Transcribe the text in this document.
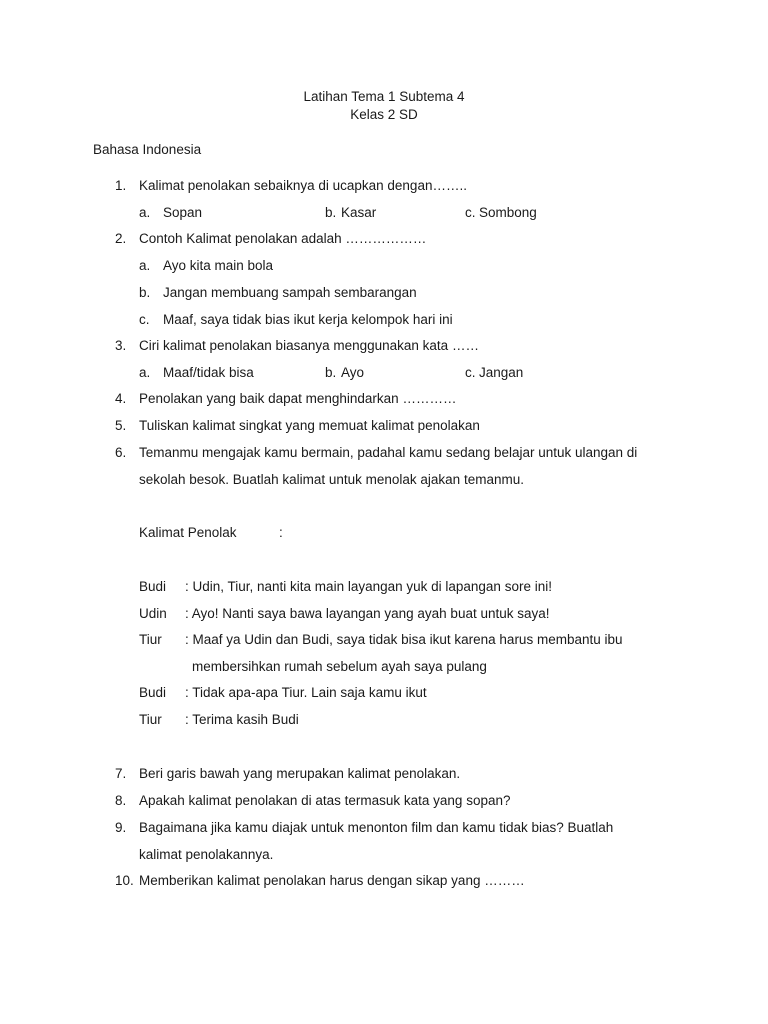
Latihan Tema 1 Subtema 4
Kelas 2 SD
Bahasa Indonesia
1. Kalimat penolakan sebaiknya di ucapkan dengan……..
a. Sopan	b. Kasar	c. Sombong
2. Contoh Kalimat penolakan adalah ………………
a. Ayo kita main bola
b. Jangan membuang sampah sembarangan
c. Maaf, saya tidak bias ikut kerja kelompok hari ini
3. Ciri kalimat penolakan biasanya menggunakan kata ……
a. Maaf/tidak bisa	b. Ayo	c. Jangan
4. Penolakan yang baik dapat menghindarkan …………
5. Tuliskan kalimat singkat yang memuat kalimat penolakan
6. Temanmu mengajak kamu bermain, padahal kamu sedang belajar untuk ulangan di
sekolah besok. Buatlah kalimat untuk menolak ajakan temanmu.
Kalimat Penolak	:
Budi : Udin, Tiur, nanti kita main layangan yuk di lapangan sore ini!
Udin : Ayo! Nanti saya bawa layangan yang ayah buat untuk saya!
Tiur : Maaf ya Udin dan Budi, saya tidak bisa ikut karena harus membantu ibu
membersihkan rumah sebelum ayah saya pulang
Budi : Tidak apa-apa Tiur. Lain saja kamu ikut
Tiur : Terima kasih Budi
7. Beri garis bawah yang merupakan kalimat penolakan.
8. Apakah kalimat penolakan di atas termasuk kata yang sopan?
9. Bagaimana jika kamu diajak untuk menonton film dan kamu tidak bias? Buatlah
kalimat penolakannya.
10. Memberikan kalimat penolakan harus dengan sikap yang ………
